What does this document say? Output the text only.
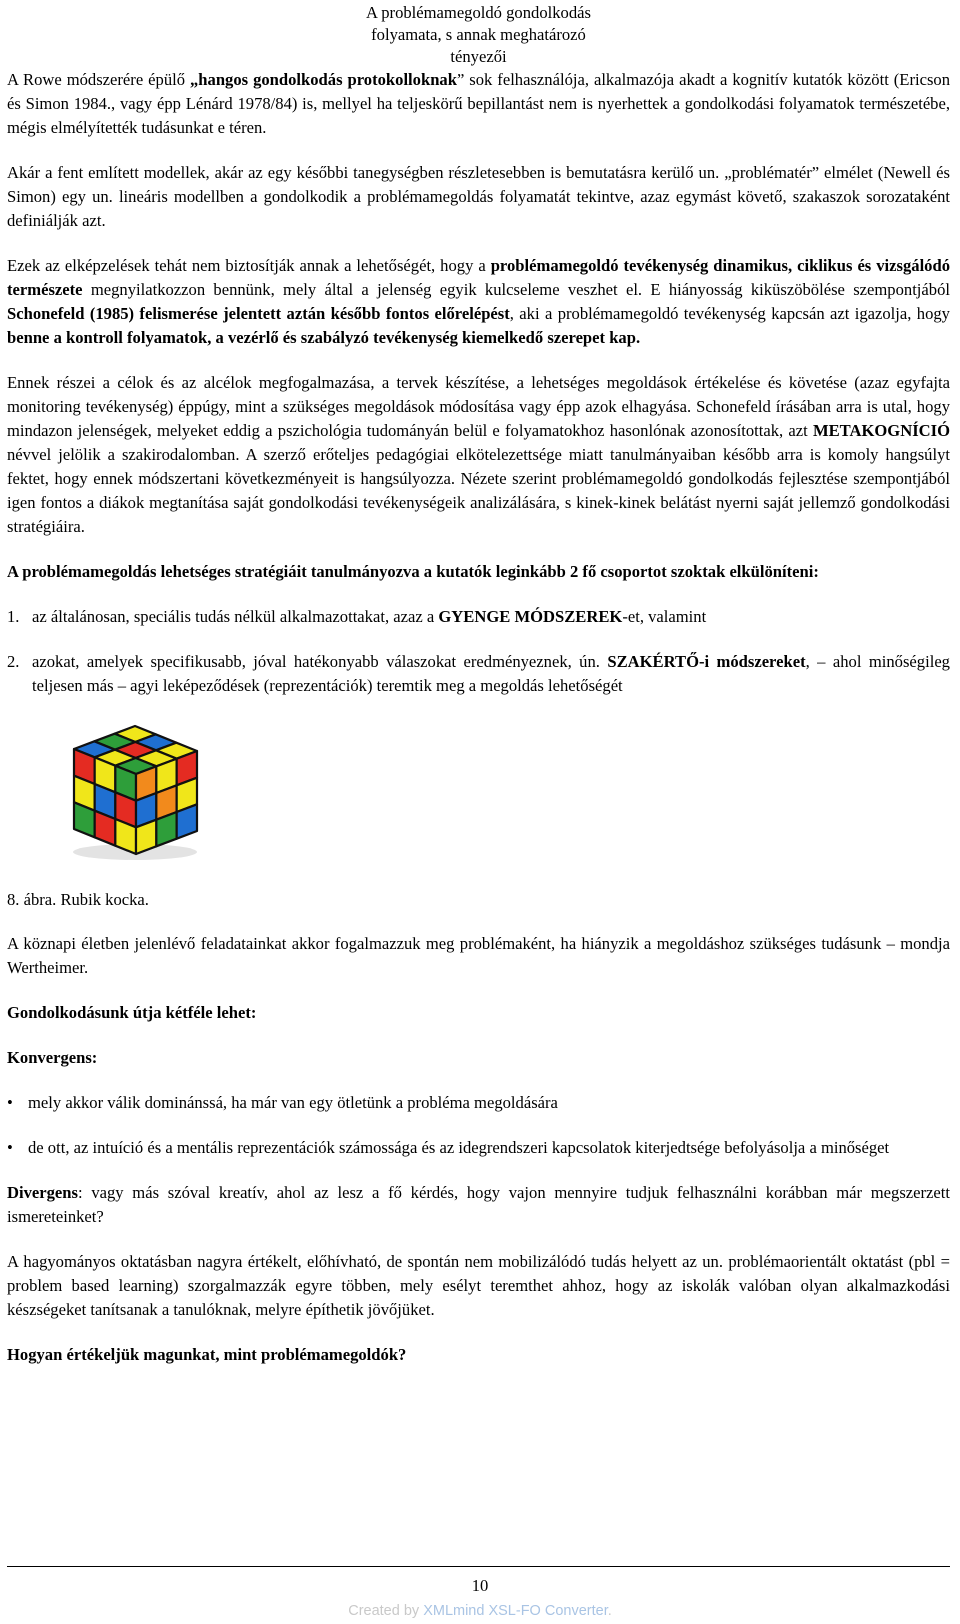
A problémamegoldó gondolkodás
folyamata, s annak meghatározó
tényezői

A Rowe módszerére épülő „hangos gondolkodás protokolloknak” sok felhasználója, alkalmazója akadt a kognitív kutatók között (Ericson és Simon 1984., vagy épp Lénárd 1978/84) is, mellyel ha teljeskörű bepillantást nem is nyerhettek a gondolkodási folyamatok természetébe, mégis elmélyítették tudásunkat e téren.

Akár a fent említett modellek, akár az egy későbbi tanegységben részletesebben is bemutatásra kerülő un. „problématér” elmélet (Newell és Simon) egy un. lineáris modellben a gondolkodik a problémamegoldás folyamatát tekintve, azaz egymást követő, szakaszok sorozataként definiálják azt.

Ezek az elképzelések tehát nem biztosítják annak a lehetőségét, hogy a problémamegoldó tevékenység dinamikus, ciklikus és vizsgálódó természete megnyilatkozzon bennünk, mely által a jelenség egyik kulcseleme veszhet el. E hiányosság kiküszöbölése szempontjából Schonefeld (1985) felismerése jelentett aztán később fontos előrelépést, aki a problémamegoldó tevékenység kapcsán azt igazolja, hogy benne a kontroll folyamatok, a vezérlő és szabályzó tevékenység kiemelkedő szerepet kap.

Ennek részei a célok és az alcélok megfogalmazása, a tervek készítése, a lehetséges megoldások értékelése és követése (azaz egyfajta monitoring tevékenység) éppúgy, mint a szükséges megoldások módosítása vagy épp azok elhagyása. Schonefeld írásában arra is utal, hogy mindazon jelenségek, melyeket eddig a pszichológia tudományán belül e folyamatokhoz hasonlónak azonosítottak, azt METAKOGNÍCIÓ névvel jelölik a szakirodalomban. A szerző erőteljes pedagógiai elkötelezettsége miatt tanulmányaiban később arra is komoly hangsúlyt fektet, hogy ennek módszertani következményeit is hangsúlyozza. Nézete szerint problémamegoldó gondolkodás fejlesztése szempontjából igen fontos a diákok megtanítása saját gondolkodási tevékenységeik analizálására, s kinek-kinek belátást nyerni saját jellemző gondolkodási stratégiáira.

A problémamegoldás lehetséges stratégiáit tanulmányozva a kutatók leginkább 2 fő csoportot szoktak elkülöníteni:

1. az általánosan, speciális tudás nélkül alkalmazottakat, azaz a GYENGE MÓDSZEREK-et, valamint
2. azokat, amelyek specifikusabb, jóval hatékonyabb válaszokat eredményeznek, ún. SZAKÉRTŐ-i módszereket, – ahol minőségileg teljesen más – agyi leképeződések (reprezentációk) teremtik meg a megoldás lehetőségét

8. ábra. Rubik kocka.

A köznapi életben jelenlévő feladatainkat akkor fogalmazzuk meg problémaként, ha hiányzik a megoldáshoz szükséges tudásunk – mondja Wertheimer.

Gondolkodásunk útja kétféle lehet:

Konvergens:

• mely akkor válik dominánssá, ha már van egy ötletünk a probléma megoldására
• de ott, az intuíció és a mentális reprezentációk számossága és az idegrendszeri kapcsolatok kiterjedtsége befolyásolja a minőséget

Divergens: vagy más szóval kreatív, ahol az lesz a fő kérdés, hogy vajon mennyire tudjuk felhasználni korábban már megszerzett ismereteinket?

A hagyományos oktatásban nagyra értékelt, előhívható, de spontán nem mobilizálódó tudás helyett az un. problémaorientált oktatást (pbl = problem based learning) szorgalmazzák egyre többen, mely esélyt teremthet ahhoz, hogy az iskolák valóban olyan alkalmazkodási készségeket tanítsanak a tanulóknak, melyre építhetik jövőjüket.

Hogyan értékeljük magunkat, mint problémamegoldók?

10
Created by XMLmind XSL-FO Converter.
